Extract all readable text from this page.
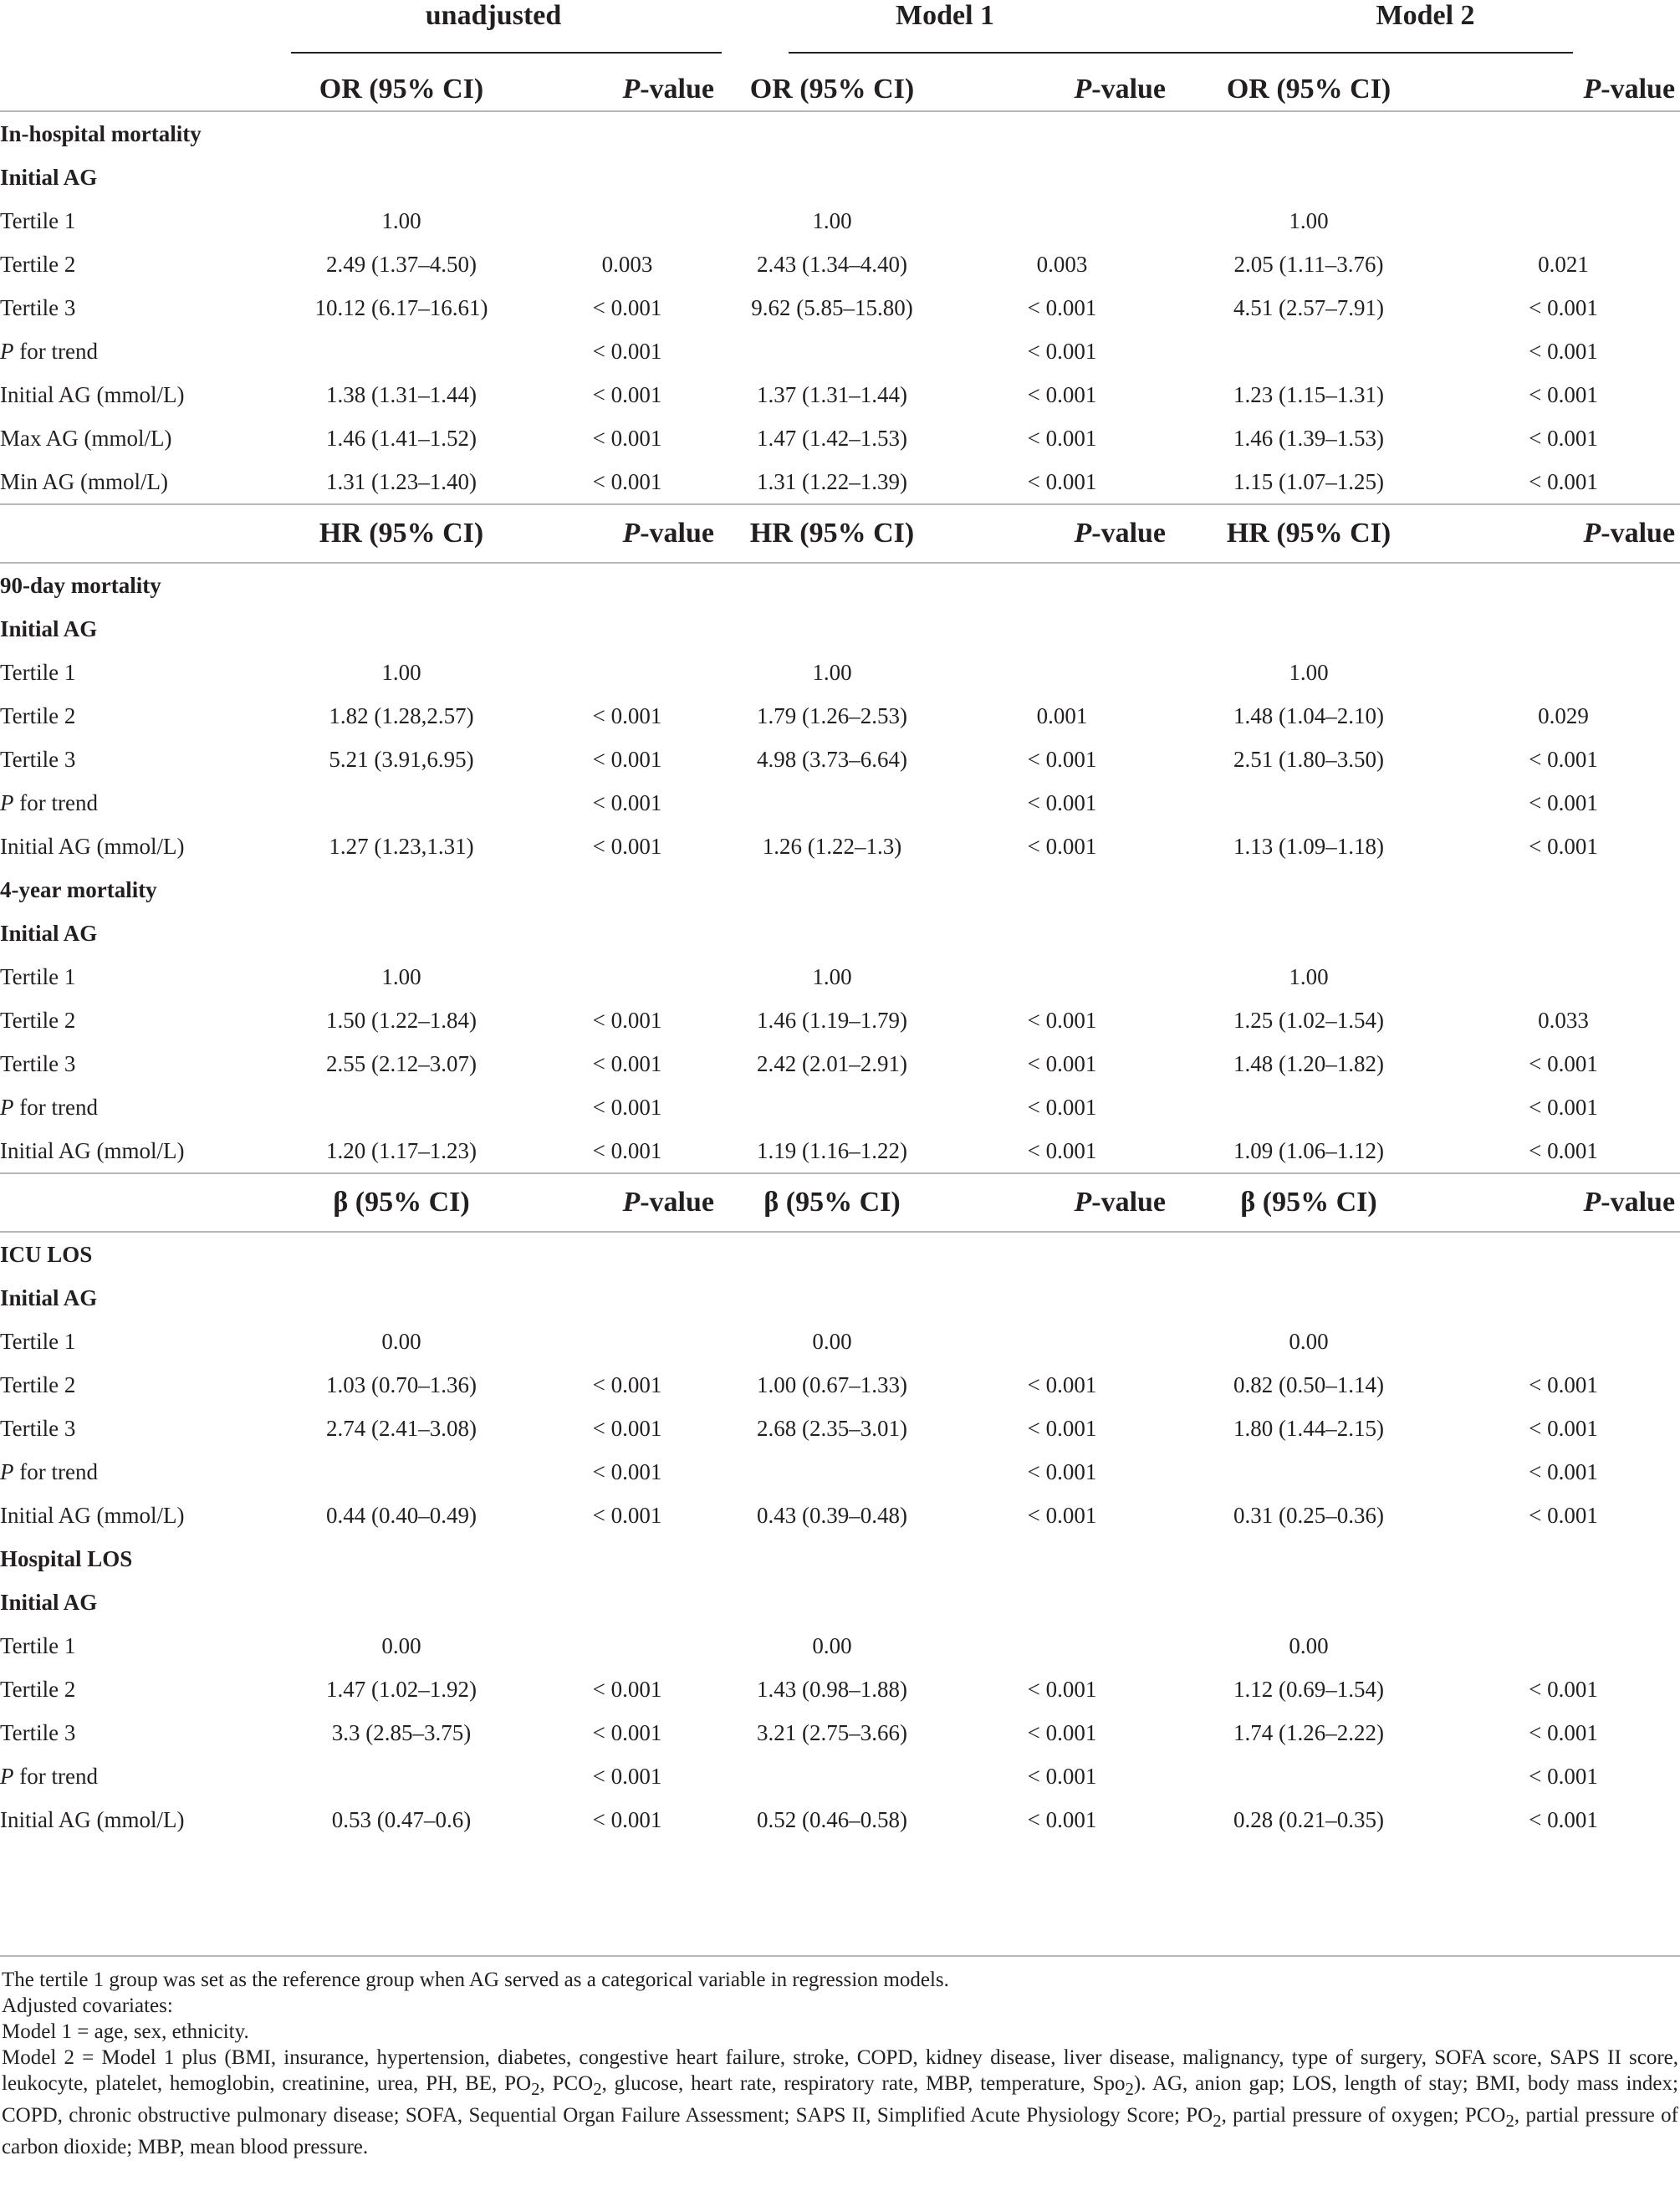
	unadjusted		Model 1			Model 2	

	OR (95% CI)	P-value	OR (95% CI)	P-value		OR (95% CI)	P-value

In-hospital mortality							
Initial AG							
Tertile 1	1.00		1.00			1.00	
Tertile 2	2.49 (1.37–4.50)	0.003	2.43 (1.34–4.40)		0.003	2.05 (1.11–3.76)	0.021
Tertile 3	10.12 (6.17–16.61)	< 0.001	9.62 (5.85–15.80)		< 0.001	4.51 (2.57–7.91)	< 0.001
P for trend		< 0.001			< 0.001		< 0.001
Initial AG (mmol/L)	1.38 (1.31–1.44)	< 0.001	1.37 (1.31–1.44)		< 0.001	1.23 (1.15–1.31)	< 0.001
Max AG (mmol/L)	1.46 (1.41–1.52)	< 0.001	1.47 (1.42–1.53)		< 0.001	1.46 (1.39–1.53)	< 0.001
Min AG (mmol/L)	1.31 (1.23–1.40)	< 0.001	1.31 (1.22–1.39)		< 0.001	1.15 (1.07–1.25)	< 0.001

	HR (95% CI)	P-value	HR (95% CI)	P-value		HR (95% CI)	P-value

90-day mortality							
Initial AG							
Tertile 1	1.00		1.00			1.00	
Tertile 2	1.82 (1.28,2.57)	< 0.001	1.79 (1.26–2.53)		0.001	1.48 (1.04–2.10)	0.029
Tertile 3	5.21 (3.91,6.95)	< 0.001	4.98 (3.73–6.64)		< 0.001	2.51 (1.80–3.50)	< 0.001
P for trend		< 0.001			< 0.001		< 0.001
Initial AG (mmol/L)	1.27 (1.23,1.31)	< 0.001	1.26 (1.22–1.3)		< 0.001	1.13 (1.09–1.18)	< 0.001
4-year mortality							
Initial AG							
Tertile 1	1.00		1.00			1.00	
Tertile 2	1.50 (1.22–1.84)	< 0.001	1.46 (1.19–1.79)		< 0.001	1.25 (1.02–1.54)	0.033
Tertile 3	2.55 (2.12–3.07)	< 0.001	2.42 (2.01–2.91)		< 0.001	1.48 (1.20–1.82)	< 0.001
P for trend		< 0.001			< 0.001		< 0.001
Initial AG (mmol/L)	1.20 (1.17–1.23)	< 0.001	1.19 (1.16–1.22)		< 0.001	1.09 (1.06–1.12)	< 0.001

	β (95% CI)	P-value	β (95% CI)	P-value		β (95% CI)	P-value

ICU LOS							
Initial AG							
Tertile 1	0.00		0.00			0.00	
Tertile 2	1.03 (0.70–1.36)	< 0.001	1.00 (0.67–1.33)		< 0.001	0.82 (0.50–1.14)	< 0.001
Tertile 3	2.74 (2.41–3.08)	< 0.001	2.68 (2.35–3.01)		< 0.001	1.80 (1.44–2.15)	< 0.001
P for trend		< 0.001			< 0.001		< 0.001
Initial AG (mmol/L)	0.44 (0.40–0.49)	< 0.001	0.43 (0.39–0.48)		< 0.001	0.31 (0.25–0.36)	< 0.001
Hospital LOS							
Initial AG							
Tertile 1	0.00		0.00			0.00	
Tertile 2	1.47 (1.02–1.92)	< 0.001	1.43 (0.98–1.88)		< 0.001	1.12 (0.69–1.54)	< 0.001
Tertile 3	3.3 (2.85–3.75)	< 0.001	3.21 (2.75–3.66)		< 0.001	1.74 (1.26–2.22)	< 0.001
P for trend		< 0.001			< 0.001		< 0.001
Initial AG (mmol/L)	0.53 (0.47–0.6)	< 0.001	0.52 (0.46–0.58)		< 0.001	0.28 (0.21–0.35)	< 0.001

The tertile 1 group was set as the reference group when AG served as a categorical variable in regression models.

Adjusted covariates:

Model 1 = age, sex, ethnicity.

Model 2 = Model 1 plus (BMI, insurance, hypertension, diabetes, congestive heart failure, stroke, COPD, kidney disease, liver disease, malignancy, type of surgery, SOFA score, SAPS II score, leukocyte, platelet, hemoglobin, creatinine, urea, PH, BE, $PO_2$, $PCO_2$, glucose, heart rate, respiratory rate, MBP, temperature, Spo$_2$). AG, anion gap; LOS, length of stay; BMI, body mass index; COPD, chronic obstructive pulmonary disease; SOFA, Sequential Organ Failure Assessment; SAPS II, Simplified Acute Physiology Score; $PO_2$, partial pressure of oxygen; $PCO_2$, partial pressure of carbon dioxide; MBP, mean blood pressure.
